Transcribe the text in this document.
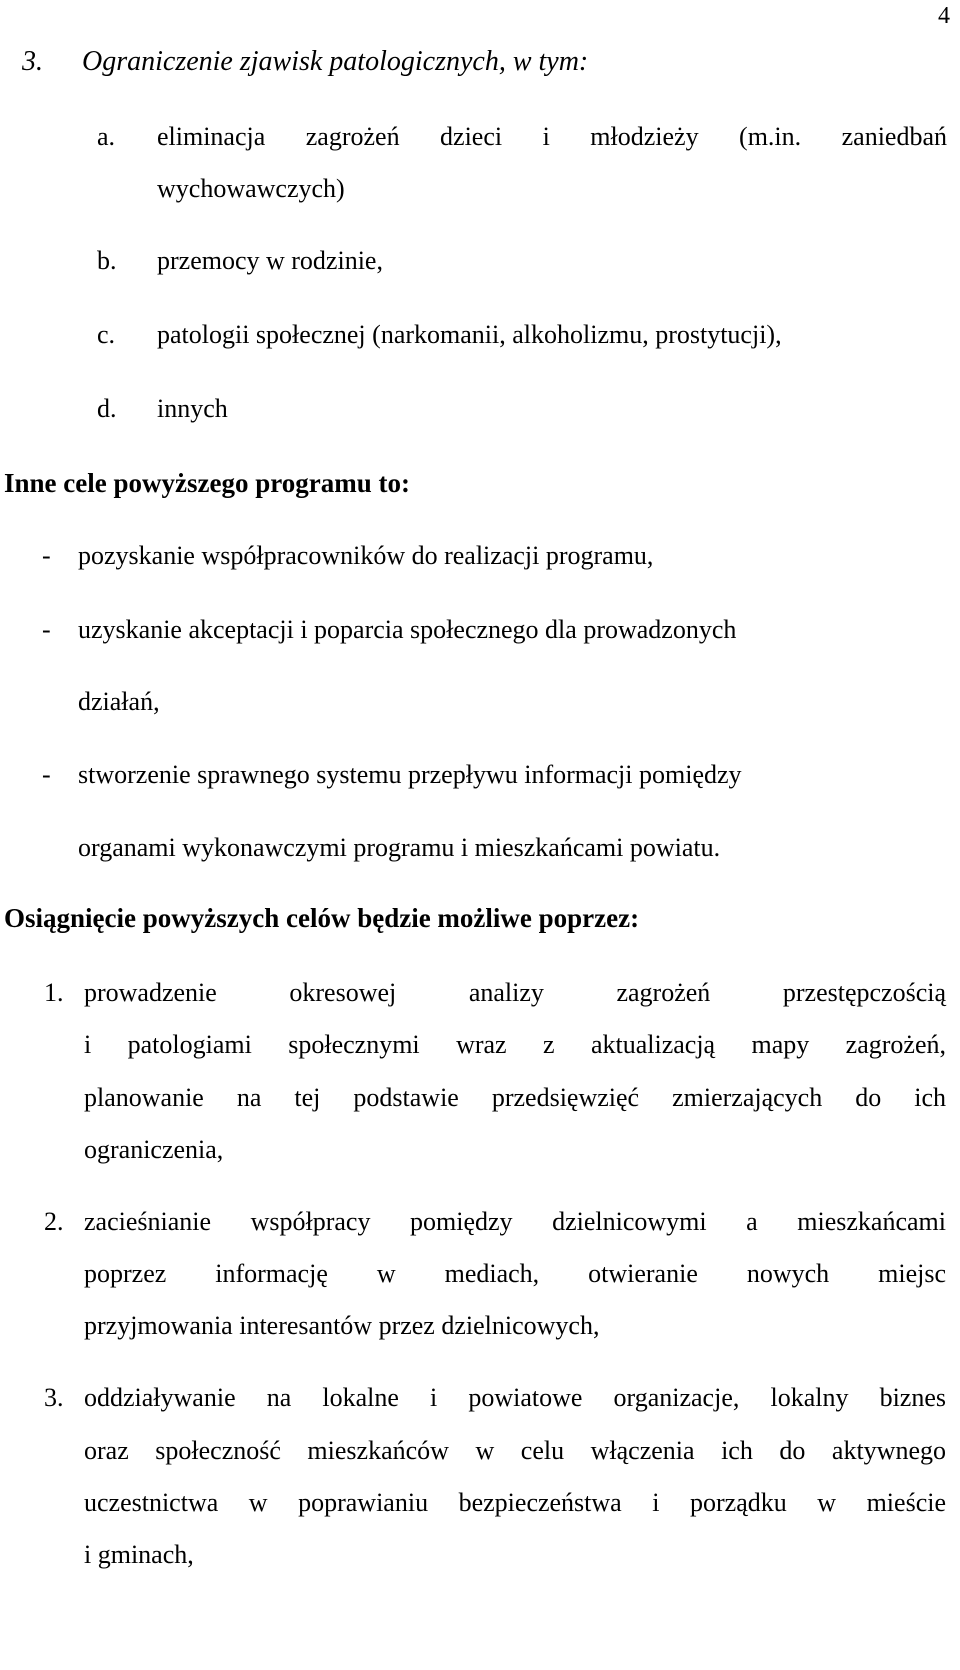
4
3. Ograniczenie zjawisk patologicznych, w tym:
a. eliminacja zagrożeń dzieci i młodzieży (m.in. zaniedbań
wychowawczych)
b. przemocy w rodzinie,
c. patologii społecznej (narkomanii, alkoholizmu, prostytucji),
d. innych
Inne cele powyższego programu to:
- pozyskanie współpracowników do realizacji programu,
- uzyskanie akceptacji i poparcia społecznego dla prowadzonych
działań,
- stworzenie sprawnego systemu przepływu informacji pomiędzy
organami wykonawczymi programu i mieszkańcami powiatu.
Osiągnięcie powyższych celów będzie możliwe poprzez:
1. prowadzenie okresowej analizy zagrożeń przestępczością
i patologiami społecznymi wraz z aktualizacją mapy zagrożeń,
planowanie na tej podstawie przedsięwzięć zmierzających do ich
ograniczenia,
2. zacieśnianie współpracy pomiędzy dzielnicowymi a mieszkańcami
poprzez informację w mediach, otwieranie nowych miejsc
przyjmowania interesantów przez dzielnicowych,
3. oddziaływanie na lokalne i powiatowe organizacje, lokalny biznes
oraz społeczność mieszkańców w celu włączenia ich do aktywnego
uczestnictwa w poprawianiu bezpieczeństwa i porządku w mieście
i gminach,
